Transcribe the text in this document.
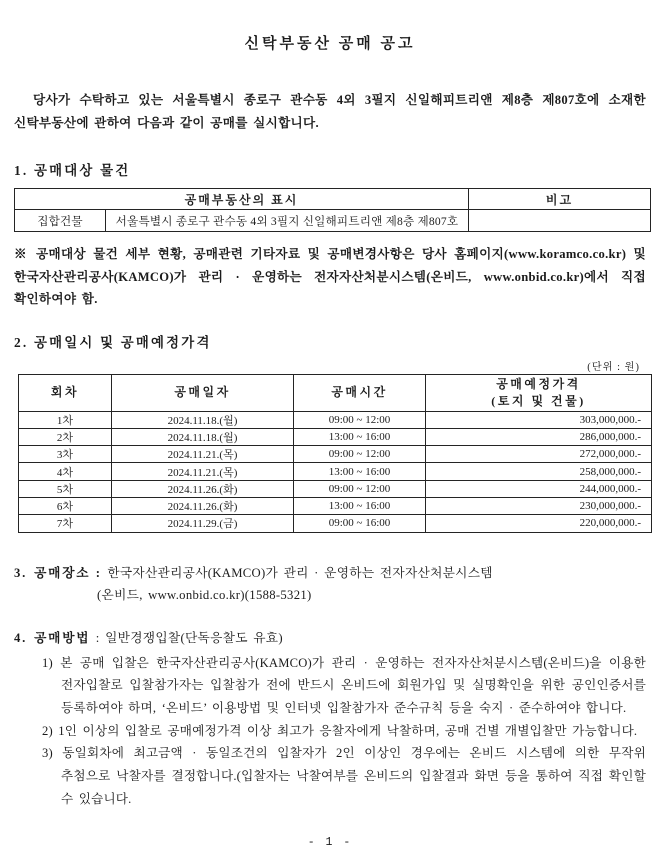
신탁부동산 공매 공고

당사가 수탁하고 있는 서울특별시 종로구 관수동 4외 3필지 신일해피트리앤 제8층 제807호에 소재한 신탁부동산에 관하여 다음과 같이 공매를 실시합니다.

1. 공매대상 물건
공매부동산의 표시		비고
집합건물	서울특별시 종로구 관수동 4외 3필지 신일해피트리앤 제8층 제807호	

※ 공매대상 물건 세부 현황, 공매관련 기타자료 및 공매변경사항은 당사 홈페이지(www.koramco.co.kr) 및 한국자산관리공사(KAMCO)가 관리 · 운영하는 전자자산처분시스템(온비드, www.onbid.co.kr)에서 직접 확인하여야 함.

2. 공매일시 및 공매예정가격
(단위 : 원)
회차	공매일자	공매시간	공매예정가격
(토지 및 건물)

1차	2024.11.18.(월)	09:00 ~ 12:00	303,000,000.-
2차	2024.11.18.(월)	13:00 ~ 16:00	286,000,000.-
3차	2024.11.21.(목)	09:00 ~ 12:00	272,000,000.-
4차	2024.11.21.(목)	13:00 ~ 16:00	258,000,000.-
5차	2024.11.26.(화)	09:00 ~ 12:00	244,000,000.-
6차	2024.11.26.(화)	13:00 ~ 16:00	230,000,000.-
7차	2024.11.29.(금)	09:00 ~ 16:00	220,000,000.-

3. 공매장소 : 한국자산관리공사(KAMCO)가 관리 · 운영하는 전자자산처분시스템

(온비드, www.onbid.co.kr)(1588-5321)

4. 공매방법 : 일반경쟁입찰(단독응찰도 유효)

1) 본 공매 입찰은 한국자산관리공사(KAMCO)가 관리 · 운영하는 전자자산처분시스템(온비드)을 이용한 전자입찰로 입찰참가자는 입찰참가 전에 반드시 온비드에 회원가입 및 실명확인을 위한 공인인증서를 등록하여야 하며, ‘온비드’ 이용방법 및 인터넷 입찰참가자 준수규칙 등을 숙지 · 준수하여야 합니다.

2) 1인 이상의 입찰로 공매예정가격 이상 최고가 응찰자에게 낙찰하며, 공매 건별 개별입찰만 가능합니다.

3) 동일회차에 최고금액 · 동일조건의 입찰자가 2인 이상인 경우에는 온비드 시스템에 의한 무작위 추첨으로 낙찰자를 결정합니다.(입찰자는 낙찰여부를 온비드의 입찰결과 화면 등을 통하여 직접 확인할 수 있습니다.

- 1 -
